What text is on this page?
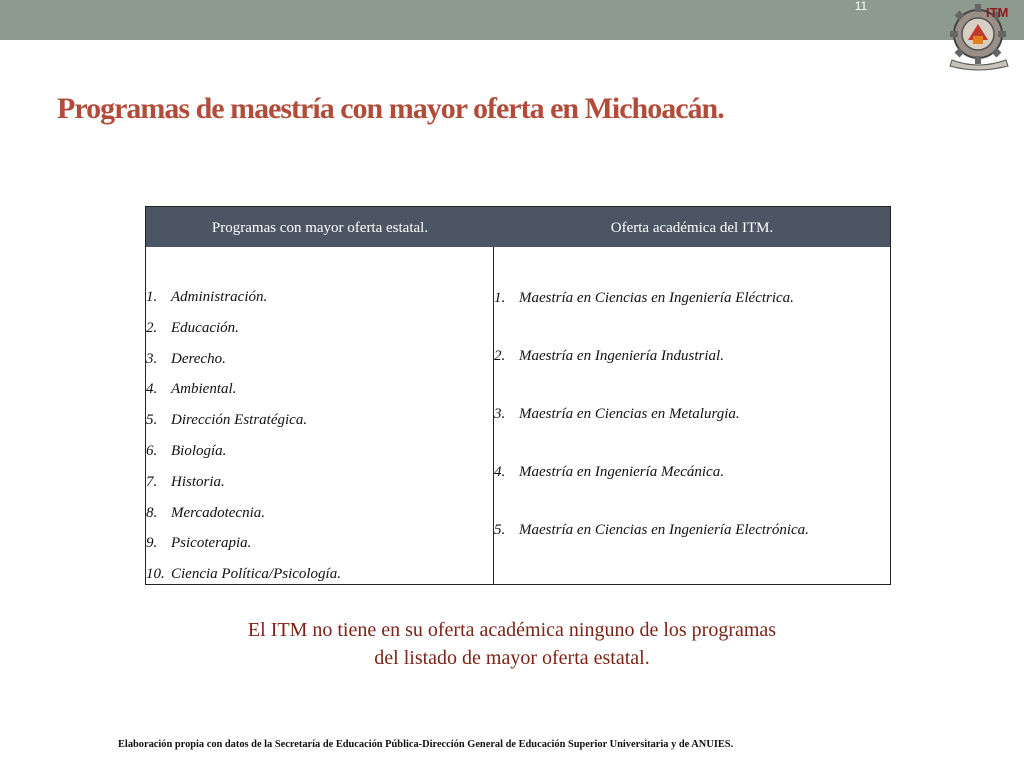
11	ITM
Programas de maestría con mayor oferta en Michoacán.
Programas con mayor oferta estatal.	Oferta académica del ITM.
1. Administración.
2. Educación.
3. Derecho.
4. Ambiental.
5. Dirección Estratégica.
6. Biología.
7. Historia.
8. Mercadotecnia.
9. Psicoterapia.
10. Ciencia Política/Psicología.
1. Maestría en Ciencias en Ingeniería Eléctrica.
2. Maestría en Ingeniería Industrial.
3. Maestría en Ciencias en Metalurgia.
4. Maestría en Ingeniería Mecánica.
5. Maestría en Ciencias en Ingeniería Electrónica.
El ITM no tiene en su oferta académica ninguno de los programas
del listado de mayor oferta estatal.
Elaboración propia con datos de la Secretaría de Educación Pública-Dirección General de Educación Superior Universitaria y de ANUIES.
